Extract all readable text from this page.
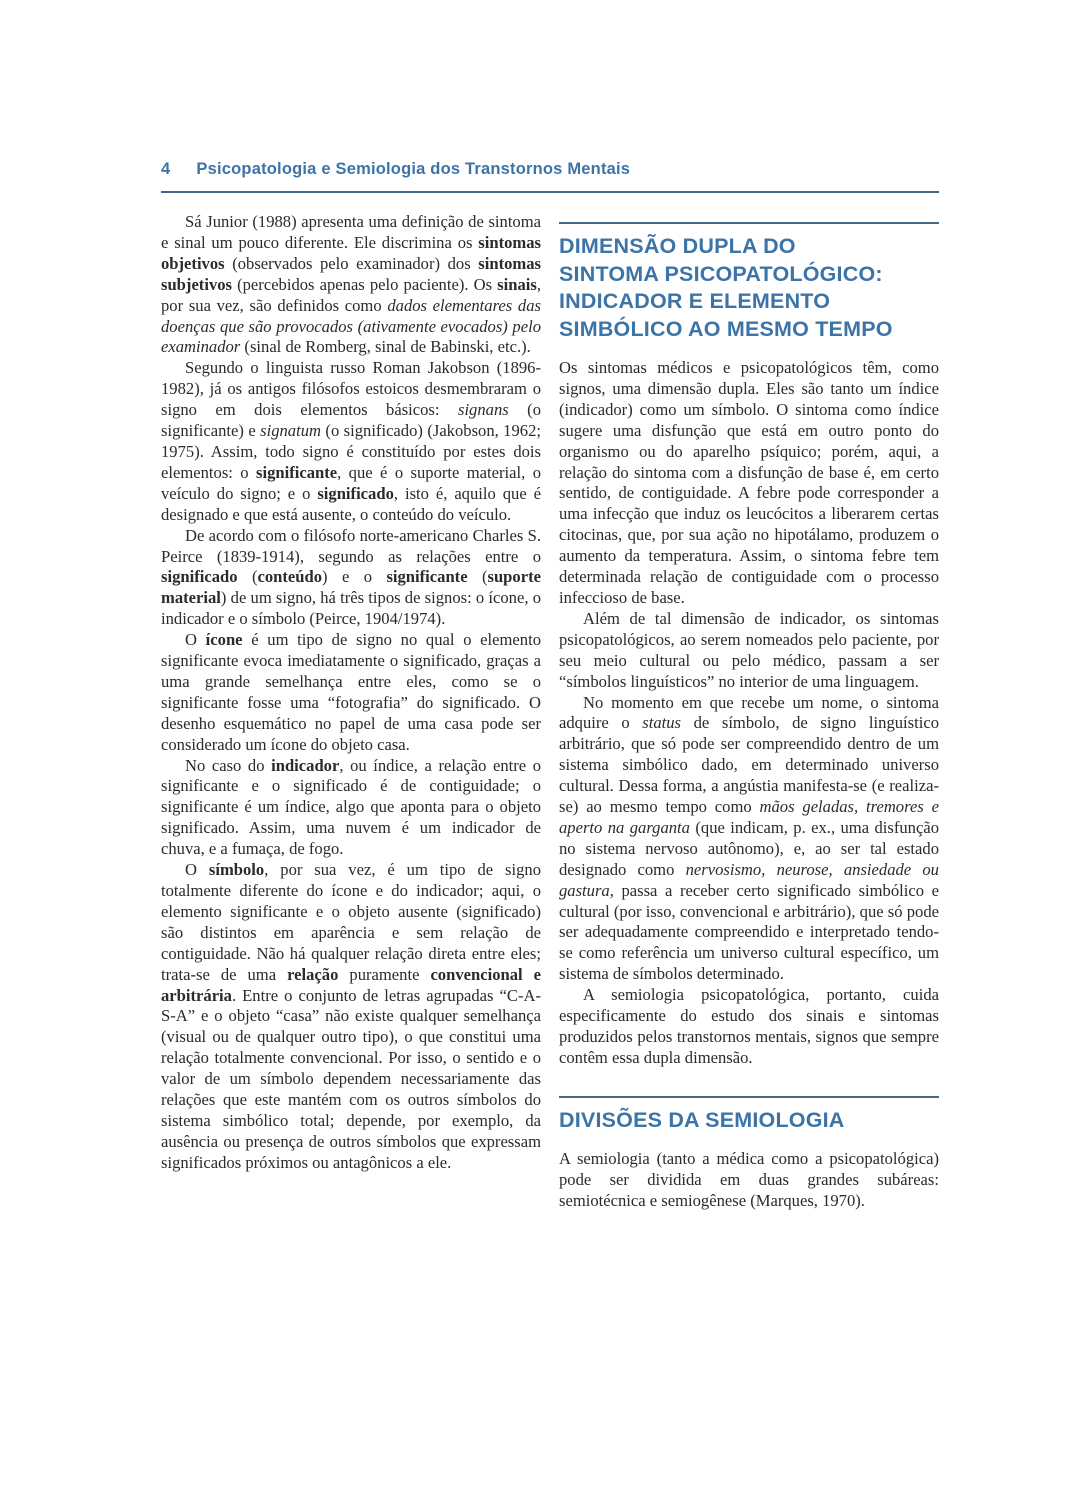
4 Psicopatologia e Semiologia dos Transtornos Mentais

Sá Junior (1988) apresenta uma definição de sintoma e sinal um pouco diferente. Ele discrimina os sintomas objetivos (observados pelo examinador) dos sintomas subjetivos (percebidos apenas pelo paciente). Os sinais, por sua vez, são definidos como dados elementares das doenças que são provocados (ativamente evocados) pelo examinador (sinal de Romberg, sinal de Babinski, etc.).

Segundo o linguista russo Roman Jakobson (1896-1982), já os antigos filósofos estoicos desmembraram o signo em dois elementos básicos: signans (o significante) e signatum (o significado) (Jakobson, 1962; 1975). Assim, todo signo é constituído por estes dois elementos: o significante, que é o suporte material, o veículo do signo; e o significado, isto é, aquilo que é designado e que está ausente, o conteúdo do veículo.

De acordo com o filósofo norte-americano Charles S. Peirce (1839-1914), segundo as relações entre o significado (conteúdo) e o significante (suporte material) de um signo, há três tipos de signos: o ícone, o indicador e o símbolo (Peirce, 1904/1974).

O ícone é um tipo de signo no qual o elemento significante evoca imediatamente o significado, graças a uma grande semelhança entre eles, como se o significante fosse uma “fotografia” do significado. O desenho esquemático no papel de uma casa pode ser considerado um ícone do objeto casa.

No caso do indicador, ou índice, a relação entre o significante e o significado é de contiguidade; o significante é um índice, algo que aponta para o objeto significado. Assim, uma nuvem é um indicador de chuva, e a fumaça, de fogo.

O símbolo, por sua vez, é um tipo de signo totalmente diferente do ícone e do indicador; aqui, o elemento significante e o objeto ausente (significado) são distintos em aparência e sem relação de contiguidade. Não há qualquer relação direta entre eles; trata-se de uma relação puramente convencional e arbitrária. Entre o conjunto de letras agrupadas “C-A-S-A” e o objeto “casa” não existe qualquer semelhança (visual ou de qualquer outro tipo), o que constitui uma relação totalmente convencional. Por isso, o sentido e o valor de um símbolo dependem necessariamente das relações que este mantém com os outros símbolos do sistema simbólico total; depende, por exemplo, da ausência ou presença de outros símbolos que expressam significados próximos ou antagônicos a ele.

DIMENSÃO DUPLA DO
SINTOMA PSICOPATOLÓGICO:
INDICADOR E ELEMENTO
SIMBÓLICO AO MESMO TEMPO

Os sintomas médicos e psicopatológicos têm, como signos, uma dimensão dupla. Eles são tanto um índice (indicador) como um símbolo. O sintoma como índice sugere uma disfunção que está em outro ponto do organismo ou do aparelho psíquico; porém, aqui, a relação do sintoma com a disfunção de base é, em certo sentido, de contiguidade. A febre pode corresponder a uma infecção que induz os leucócitos a liberarem certas citocinas, que, por sua ação no hipotálamo, produzem o aumento da temperatura. Assim, o sintoma febre tem determinada relação de contiguidade com o processo infeccioso de base.

Além de tal dimensão de indicador, os sintomas psicopatológicos, ao serem nomeados pelo paciente, por seu meio cultural ou pelo médico, passam a ser “símbolos linguísticos” no interior de uma linguagem.

No momento em que recebe um nome, o sintoma adquire o status de símbolo, de signo linguístico arbitrário, que só pode ser compreendido dentro de um sistema simbólico dado, em determinado universo cultural. Dessa forma, a angústia manifesta-se (e realiza-se) ao mesmo tempo como mãos geladas, tremores e aperto na garganta (que indicam, p. ex., uma disfunção no sistema nervoso autônomo), e, ao ser tal estado designado como nervosismo, neurose, ansiedade ou gastura, passa a receber certo significado simbólico e cultural (por isso, convencional e arbitrário), que só pode ser adequadamente compreendido e interpretado tendo-se como referência um universo cultural específico, um sistema de símbolos determinado.

A semiologia psicopatológica, portanto, cuida especificamente do estudo dos sinais e sintomas produzidos pelos transtornos mentais, signos que sempre contêm essa dupla dimensão.

DIVISÕES DA SEMIOLOGIA

A semiologia (tanto a médica como a psicopatológica) pode ser dividida em duas grandes subáreas: semiotécnica e semiogênese (Marques, 1970).
